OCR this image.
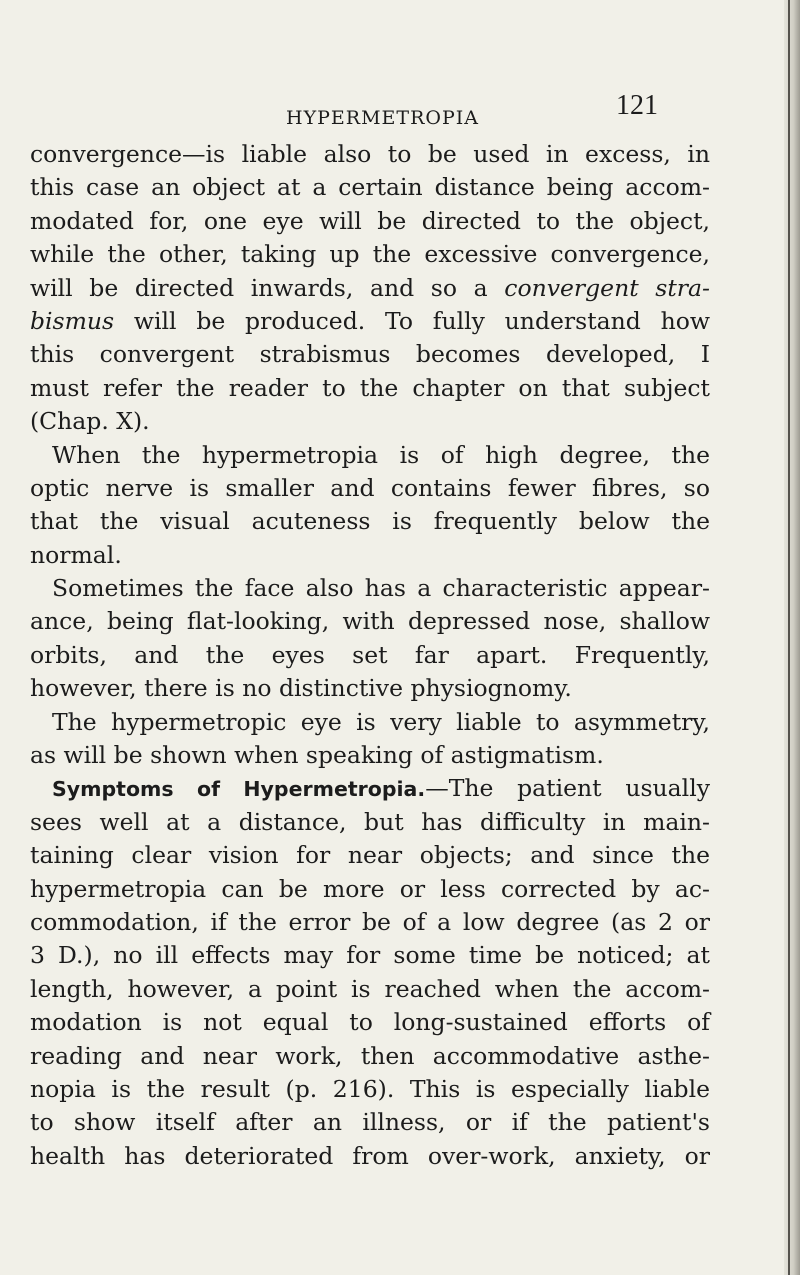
HYPERMETROPIA	121
convergence—is liable also to be used in excess, in
this case an object at a certain distance being accom-
modated for, one eye will be directed to the object,
while the other, taking up the excessive convergence,
will be directed inwards, and so a convergent stra-
bismus will be produced. To fully understand how
this convergent strabismus becomes developed, I
must refer the reader to the chapter on that subject
(Chap. X).
When the hypermetropia is of high degree, the
optic nerve is smaller and contains fewer fibres, so
that the visual acuteness is frequently below the
normal.
Sometimes the face also has a characteristic appear-
ance, being flat-looking, with depressed nose, shallow
orbits, and the eyes set far apart. Frequently,
however, there is no distinctive physiognomy.
The hypermetropic eye is very liable to asymmetry,
as will be shown when speaking of astigmatism.
Symptoms of Hypermetropia.—The patient usually
sees well at a distance, but has difficulty in main-
taining clear vision for near objects; and since the
hypermetropia can be more or less corrected by ac-
commodation, if the error be of a low degree (as 2 or
3 D.), no ill effects may for some time be noticed; at
length, however, a point is reached when the accom-
modation is not equal to long-sustained efforts of
reading and near work, then accommodative asthe-
nopia is the result (p. 216). This is especially liable
to show itself after an illness, or if the patient's
health has deteriorated from over-work, anxiety, or
